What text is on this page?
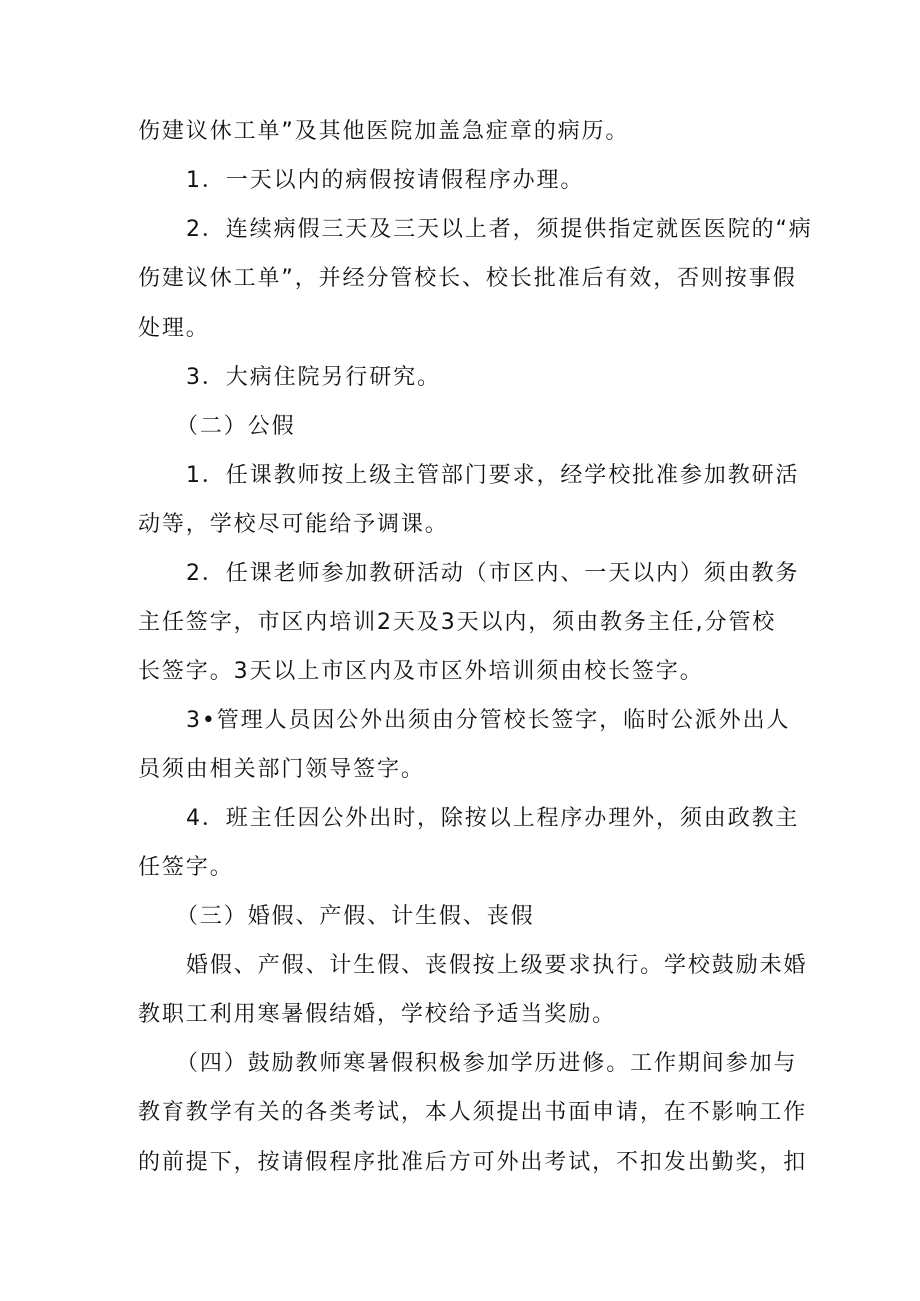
伤建议休工单”及其他医院加盖急症章的病历。
1．一天以内的病假按请假程序办理。
2．连续病假三天及三天以上者，须提供指定就医医院的“病
伤建议休工单”，并经分管校长、校长批准后有效，否则按事假
处理。
3．大病住院另行研究。
（二）公假
1．任课教师按上级主管部门要求，经学校批准参加教研活
动等，学校尽可能给予调课。
2．任课老师参加教研活动（市区内、一天以内）须由教务
主任签字，市区内培训2天及3天以内，须由教务主任,分管校
长签字。3天以上市区内及市区外培训须由校长签字。
3•管理人员因公外出须由分管校长签字，临时公派外出人
员须由相关部门领导签字。
4．班主任因公外出时，除按以上程序办理外，须由政教主
任签字。
（三）婚假、产假、计生假、丧假
婚假、产假、计生假、丧假按上级要求执行。学校鼓励未婚
教职工利用寒暑假结婚，学校给予适当奖励。
（四）鼓励教师寒暑假积极参加学历进修。工作期间参加与
教育教学有关的各类考试，本人须提出书面申请，在不影响工作
的前提下，按请假程序批准后方可外出考试，不扣发出勤奖，扣
